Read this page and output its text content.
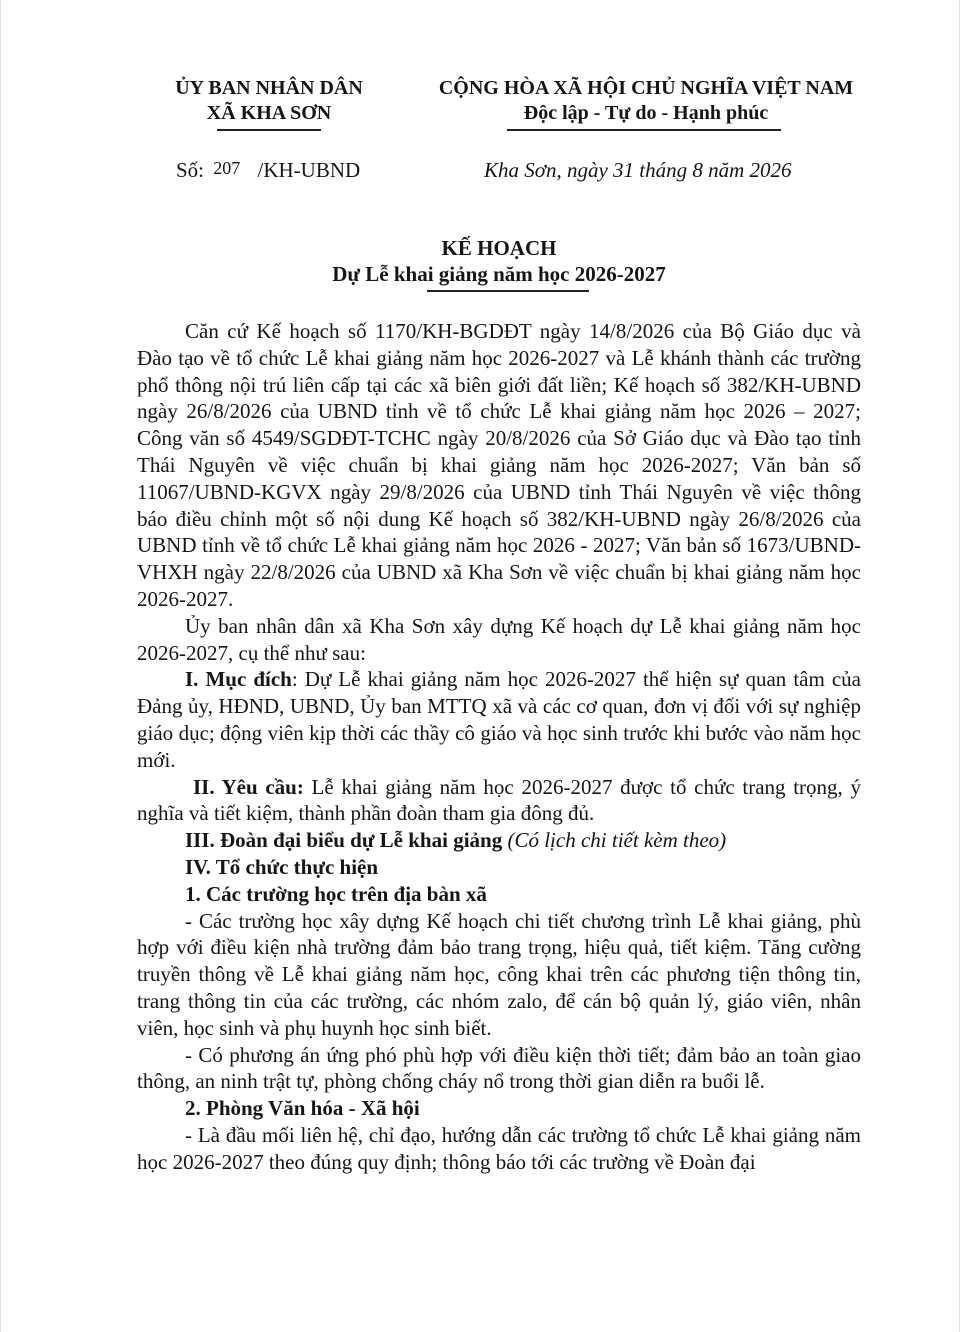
ỦY BAN NHÂN DÂN
XÃ KHA SƠN
CỘNG HÒA XÃ HỘI CHỦ NGHĨA VIỆT NAM
Độc lập - Tự do - Hạnh phúc
Số: 207 /KH-UBND	Kha Sơn, ngày 31 tháng 8 năm 2026
KẾ HOẠCH
Dự Lễ khai giảng năm học 2026-2027

Căn cứ Kế hoạch số 1170/KH-BGDĐT ngày 14/8/2026 của Bộ Giáo dục và Đào tạo về tổ chức Lễ khai giảng năm học 2026-2027 và Lễ khánh thành các trường phổ thông nội trú liên cấp tại các xã biên giới đất liền; Kế hoạch số 382/KH-UBND ngày 26/8/2026 của UBND tỉnh về tổ chức Lễ khai giảng năm học 2026 – 2027; Công văn số 4549/SGDĐT-TCHC ngày 20/8/2026 của Sở Giáo dục và Đào tạo tỉnh Thái Nguyên về việc chuẩn bị khai giảng năm học 2026-2027; Văn bản số 11067/UBND-KGVX ngày 29/8/2026 của UBND tỉnh Thái Nguyên về việc thông báo điều chỉnh một số nội dung Kế hoạch số 382/KH-UBND ngày 26/8/2026 của UBND tỉnh về tổ chức Lễ khai giảng năm học 2026 - 2027; Văn bản số 1673/UBND-VHXH ngày 22/8/2026 của UBND xã Kha Sơn về việc chuẩn bị khai giảng năm học 2026-2027.

Ủy ban nhân dân xã Kha Sơn xây dựng Kế hoạch dự Lễ khai giảng năm học 2026-2027, cụ thể như sau:

I. Mục đích: Dự Lễ khai giảng năm học 2026-2027 thể hiện sự quan tâm của Đảng ủy, HĐND, UBND, Ủy ban MTTQ xã và các cơ quan, đơn vị đối với sự nghiệp giáo dục; động viên kịp thời các thầy cô giáo và học sinh trước khi bước vào năm học mới.

II. Yêu cầu: Lễ khai giảng năm học 2026-2027 được tổ chức trang trọng, ý nghĩa và tiết kiệm, thành phần đoàn tham gia đông đủ.

III. Đoàn đại biểu dự Lễ khai giảng (Có lịch chi tiết kèm theo)

IV. Tổ chức thực hiện

1. Các trường học trên địa bàn xã

- Các trường học xây dựng Kế hoạch chi tiết chương trình Lễ khai giảng, phù hợp với điều kiện nhà trường đảm bảo trang trọng, hiệu quả, tiết kiệm. Tăng cường truyền thông về Lễ khai giảng năm học, công khai trên các phương tiện thông tin, trang thông tin của các trường, các nhóm zalo, để cán bộ quản lý, giáo viên, nhân viên, học sinh và phụ huynh học sinh biết.

- Có phương án ứng phó phù hợp với điều kiện thời tiết; đảm bảo an toàn giao thông, an ninh trật tự, phòng chống cháy nổ trong thời gian diễn ra buổi lễ.

2. Phòng Văn hóa - Xã hội

- Là đầu mối liên hệ, chỉ đạo, hướng dẫn các trường tổ chức Lễ khai giảng năm học 2026-2027 theo đúng quy định; thông báo tới các trường về Đoàn đại
